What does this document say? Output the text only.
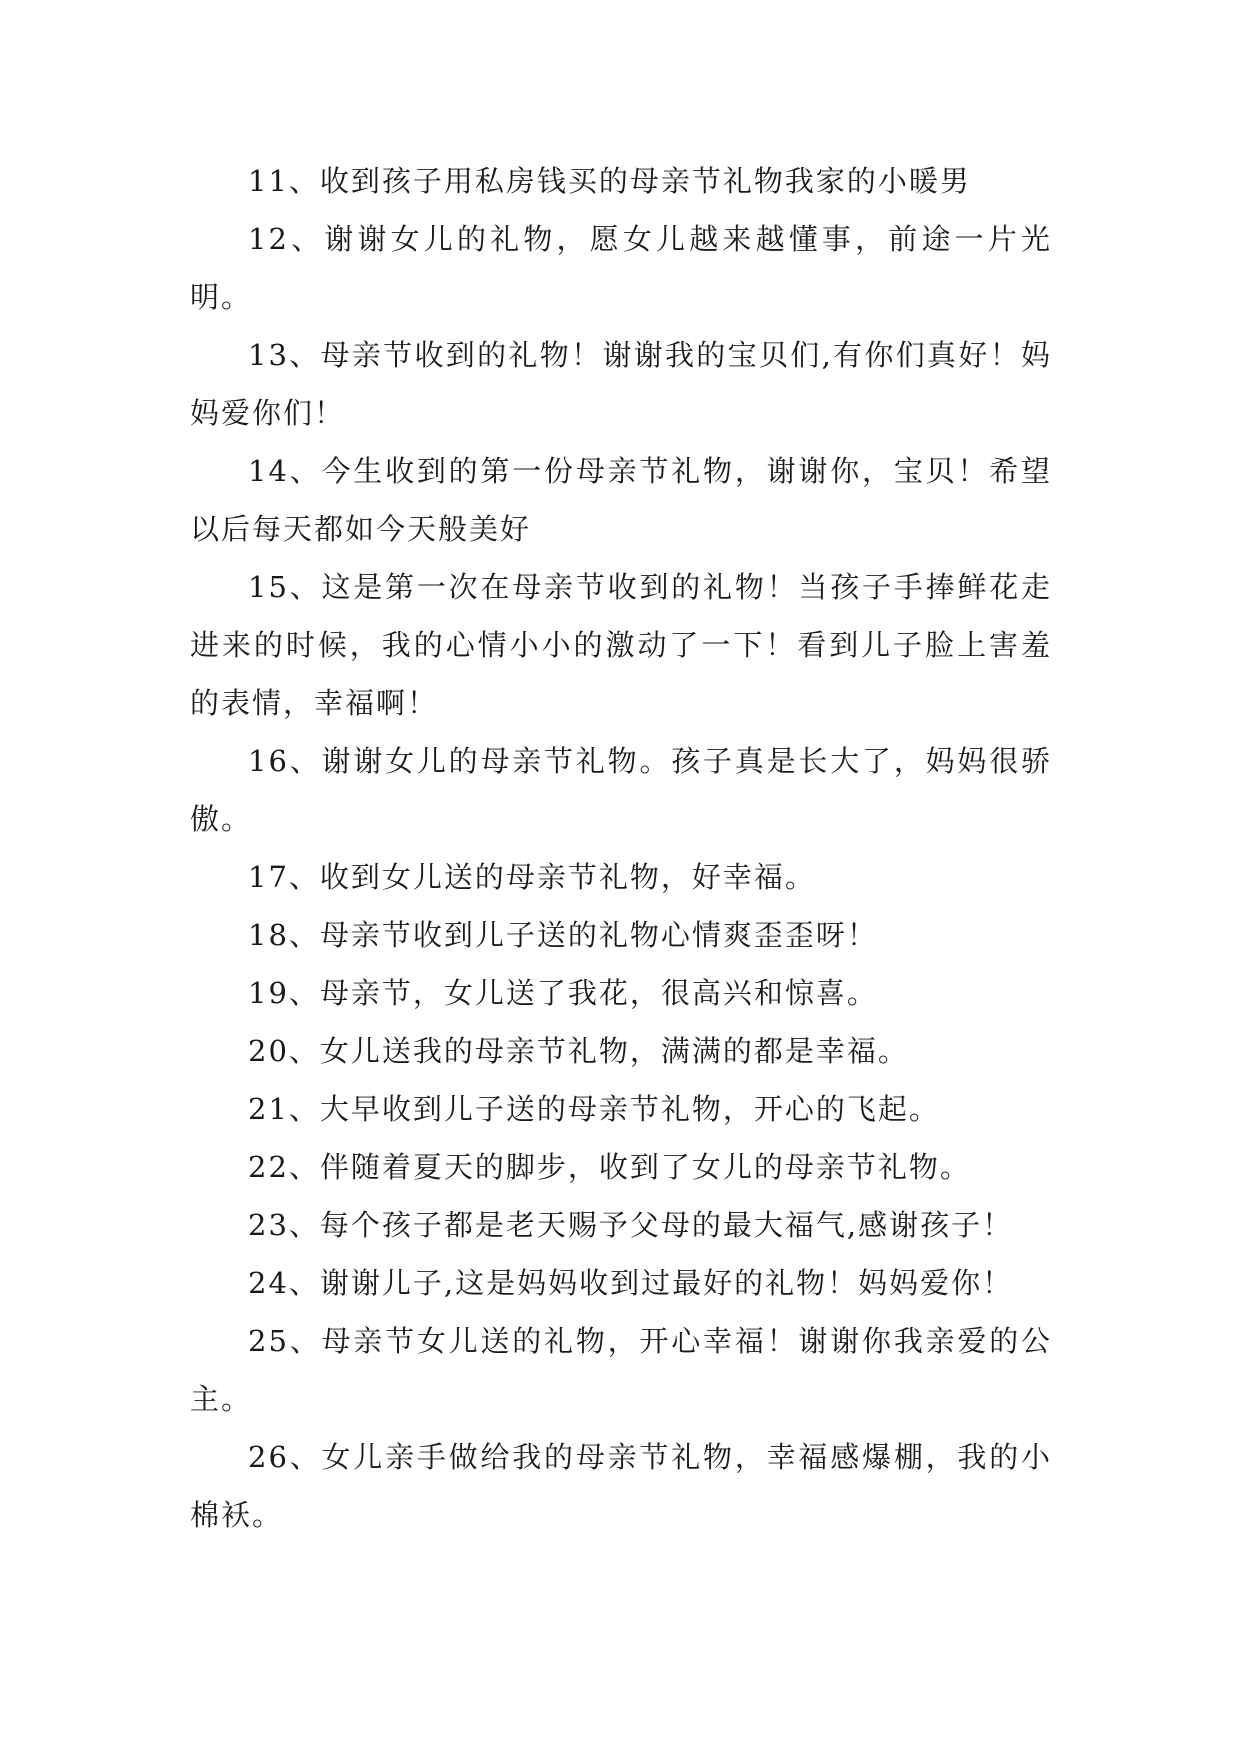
11、收到孩子用私房钱买的母亲节礼物我家的小暖男

12、谢谢女儿的礼物，愿女儿越来越懂事，前途一片光明。

13、母亲节收到的礼物！谢谢我的宝贝们,有你们真好！妈妈爱你们！

14、今生收到的第一份母亲节礼物，谢谢你，宝贝！希望以后每天都如今天般美好

15、这是第一次在母亲节收到的礼物！当孩子手捧鲜花走进来的时候，我的心情小小的激动了一下！看到儿子脸上害羞的表情，幸福啊！

16、谢谢女儿的母亲节礼物。孩子真是长大了，妈妈很骄傲。

17、收到女儿送的母亲节礼物，好幸福。

18、母亲节收到儿子送的礼物心情爽歪歪呀！

19、母亲节，女儿送了我花，很高兴和惊喜。

20、女儿送我的母亲节礼物，满满的都是幸福。

21、大早收到儿子送的母亲节礼物，开心的飞起。

22、伴随着夏天的脚步，收到了女儿的母亲节礼物。

23、每个孩子都是老天赐予父母的最大福气,感谢孩子！

24、谢谢儿子,这是妈妈收到过最好的礼物！妈妈爱你！

25、母亲节女儿送的礼物，开心幸福！谢谢你我亲爱的公主。

26、女儿亲手做给我的母亲节礼物，幸福感爆棚，我的小棉袄。
